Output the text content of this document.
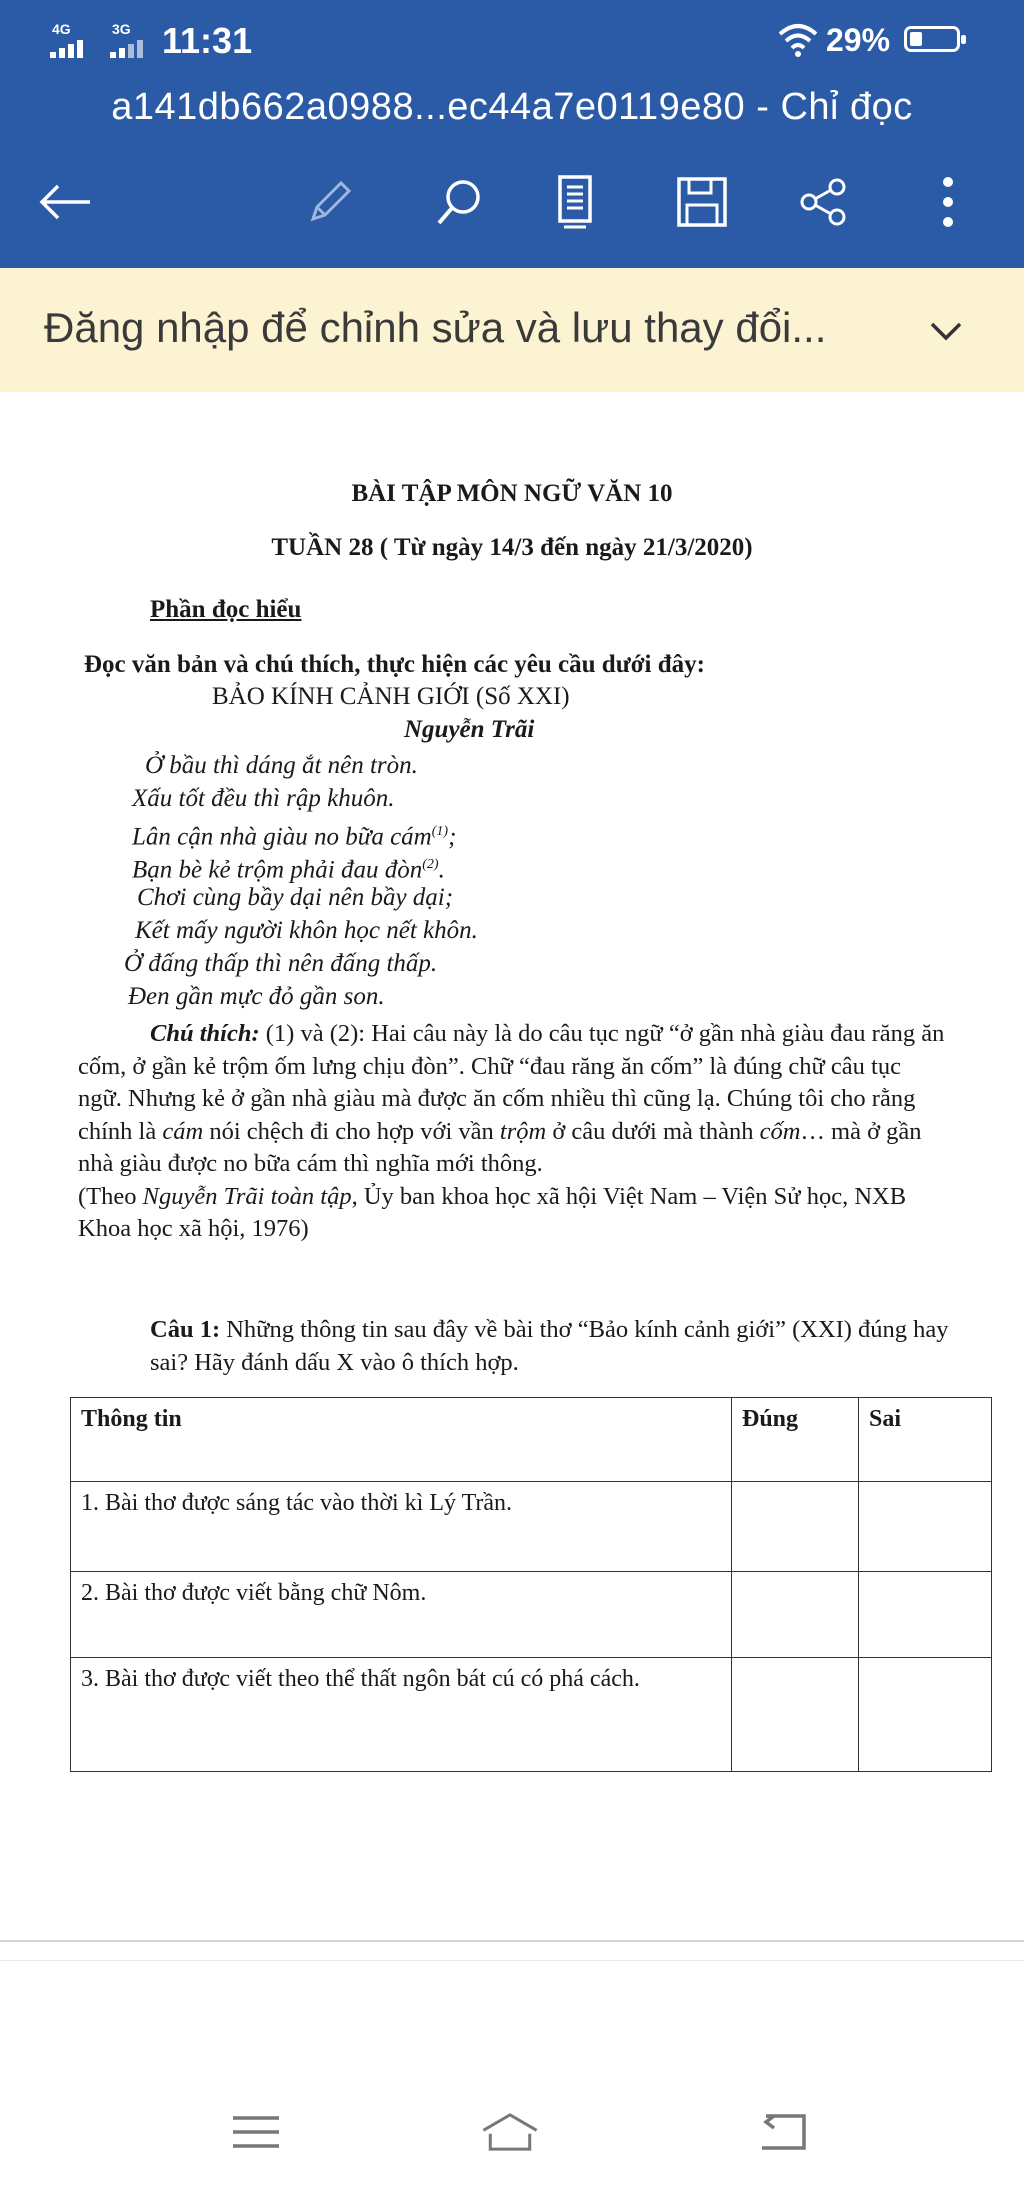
4G	3G 11:31	29%
a141db662a0988...ec44a7e0119e80 - Chỉ đọc
Đăng nhập để chỉnh sửa và lưu thay đổi...
BÀI TẬP MÔN NGỮ VĂN 10
TUẦN 28 ( Từ ngày 14/3 đến ngày 21/3/2020)
Phần đọc hiểu
Đọc văn bản và chú thích, thực hiện các yêu cầu dưới đây:
BẢO KÍNH CẢNH GIỚI (Số XXI)
Nguyễn Trãi
Ở bầu thì dáng ắt nên tròn.
Xấu tốt đều thì rập khuôn.
Lân cận nhà giàu no bữa cám$^{(1)}$;
Bạn bè kẻ trộm phải đau đòn$^{(2)}$.
Chơi cùng bầy dại nên bầy dại;
Kết mấy người khôn học nết khôn.
Ở đấng thấp thì nên đấng thấp.
Đen gần mực đỏ gần son.
Chú thích: (1) và (2): Hai câu này là do câu tục ngữ “ở gần nhà giàu đau răng ăn cốm, ở gần kẻ trộm ốm lưng chịu đòn”. Chữ “đau răng ăn cốm” là đúng chữ câu tục ngữ. Nhưng kẻ ở gần nhà giàu mà được ăn cốm nhiều thì cũng lạ. Chúng tôi cho rằng chính là cám nói chệch đi cho hợp với vần trộm ở câu dưới mà thành cốm… mà ở gần nhà giàu được no bữa cám thì nghĩa mới thông.
(Theo Nguyễn Trãi toàn tập, Ủy ban khoa học xã hội Việt Nam – Viện Sử học, NXB Khoa học xã hội, 1976)
Câu 1: Những thông tin sau đây về bài thơ “Bảo kính cảnh giới” (XXI) đúng hay sai? Hãy đánh dấu X vào ô thích hợp.
Thông tin	Đúng	Sai
1. Bài thơ được sáng tác vào thời kì Lý Trần.		
2. Bài thơ được viết bằng chữ Nôm.		
3. Bài thơ được viết theo thể thất ngôn bát cú có phá cách.		
